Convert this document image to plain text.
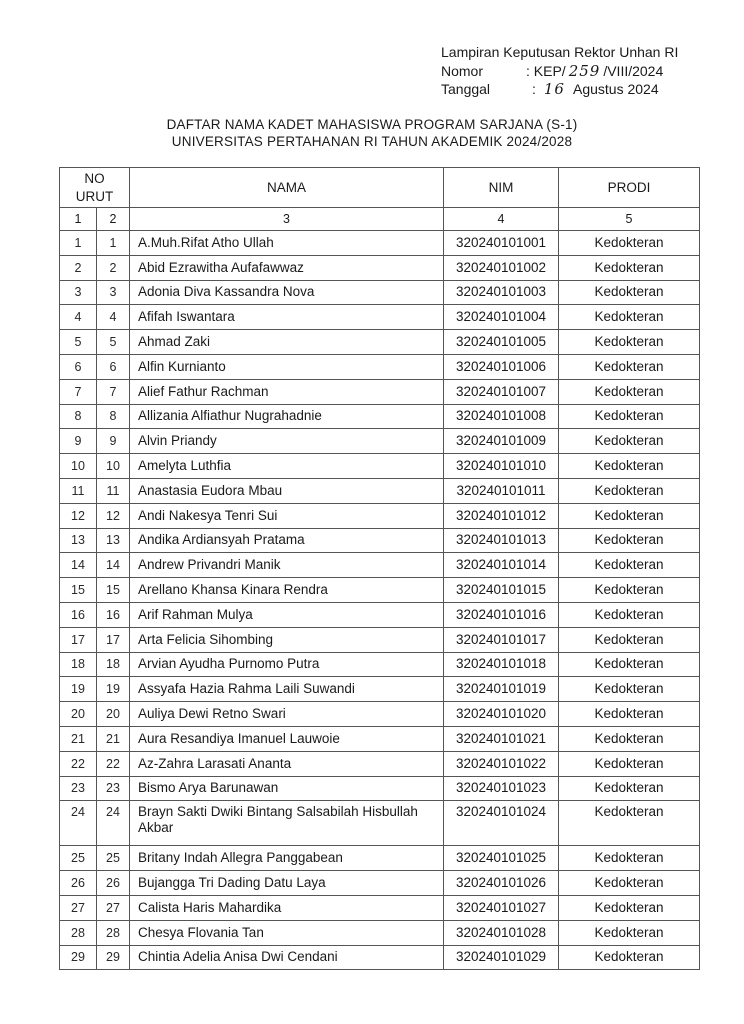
Lampiran Keputusan Rektor Unhan RI
Nomor	: KEP/ 259 /VIII/2024
Tanggal	: 16 Agustus 2024
DAFTAR NAMA KADET MAHASISWA PROGRAM SARJANA (S-1)
UNIVERSITAS PERTAHANAN RI TAHUN AKADEMIK 2024/2028
NO
URUT		NAMA	NIM	PRODI
1	2	3	4	5
1	1	A.Muh.Rifat Atho Ullah	320240101001	Kedokteran
2	2	Abid Ezrawitha Aufafawwaz	320240101002	Kedokteran
3	3	Adonia Diva Kassandra Nova	320240101003	Kedokteran
4	4	Afifah Iswantara	320240101004	Kedokteran
5	5	Ahmad Zaki	320240101005	Kedokteran
6	6	Alfin Kurnianto	320240101006	Kedokteran
7	7	Alief Fathur Rachman	320240101007	Kedokteran
8	8	Allizania Alfiathur Nugrahadnie	320240101008	Kedokteran
9	9	Alvin Priandy	320240101009	Kedokteran
10	10	Amelyta Luthfia	320240101010	Kedokteran
11	11	Anastasia Eudora Mbau	320240101011	Kedokteran
12	12	Andi Nakesya Tenri Sui	320240101012	Kedokteran
13	13	Andika Ardiansyah Pratama	320240101013	Kedokteran
14	14	Andrew Privandri Manik	320240101014	Kedokteran
15	15	Arellano Khansa Kinara Rendra	320240101015	Kedokteran
16	16	Arif Rahman Mulya	320240101016	Kedokteran
17	17	Arta Felicia Sihombing	320240101017	Kedokteran
18	18	Arvian Ayudha Purnomo Putra	320240101018	Kedokteran
19	19	Assyafa Hazia Rahma Laili Suwandi	320240101019	Kedokteran
20	20	Auliya Dewi Retno Swari	320240101020	Kedokteran
21	21	Aura Resandiya Imanuel Lauwoie	320240101021	Kedokteran
22	22	Az-Zahra Larasati Ananta	320240101022	Kedokteran
23	23	Bismo Arya Barunawan	320240101023	Kedokteran
24	24	Brayn Sakti Dwiki Bintang Salsabilah Hisbullah Akbar	320240101024	Kedokteran
25	25	Britany Indah Allegra Panggabean	320240101025	Kedokteran
26	26	Bujangga Tri Dading Datu Laya	320240101026	Kedokteran
27	27	Calista Haris Mahardika	320240101027	Kedokteran
28	28	Chesya Flovania Tan	320240101028	Kedokteran
29	29	Chintia Adelia Anisa Dwi Cendani	320240101029	Kedokteran
